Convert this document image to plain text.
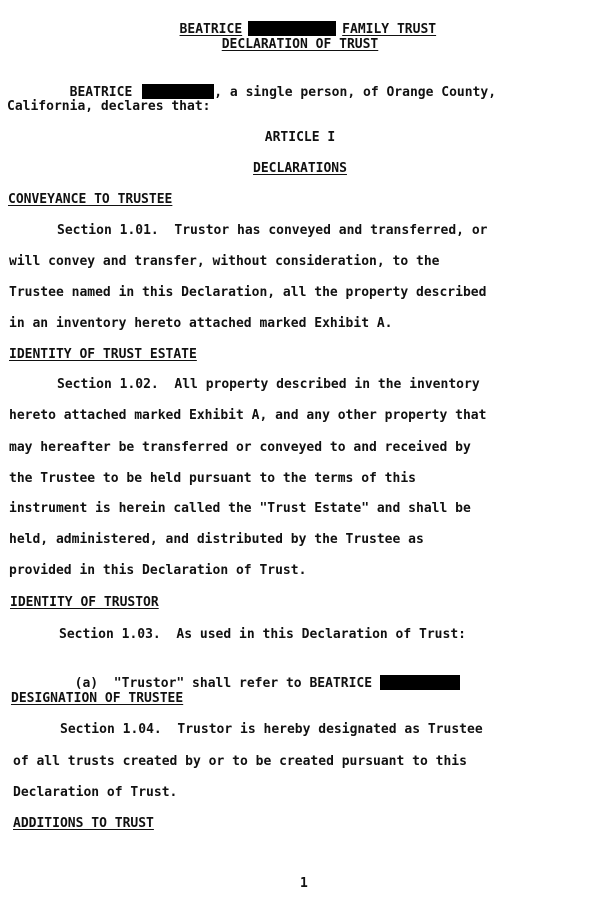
BEATRICE	FAMILY TRUST

DECLARATION OF TRUST

BEATRICE	, a single person, of Orange County,

California, declares that:
ARTICLE I
DECLARATIONS
CONVEYANCE TO TRUSTEE
Section 1.01.  Trustor has conveyed and transferred, or
will convey and transfer, without consideration, to the
Trustee named in this Declaration, all the property described
in an inventory hereto attached marked Exhibit A.
IDENTITY OF TRUST ESTATE
Section 1.02.  All property described in the inventory
hereto attached marked Exhibit A, and any other property that
may hereafter be transferred or conveyed to and received by
the Trustee to be held pursuant to the terms of this
instrument is herein called the "Trust Estate" and shall be
held, administered, and distributed by the Trustee as
provided in this Declaration of Trust.
IDENTITY OF TRUSTOR
Section 1.03.  As used in this Declaration of Trust:

(a)  "Trustor" shall refer to BEATRICE

DESIGNATION OF TRUSTEE
Section 1.04.  Trustor is hereby designated as Trustee
of all trusts created by or to be created pursuant to this
Declaration of Trust.
ADDITIONS TO TRUST
1
